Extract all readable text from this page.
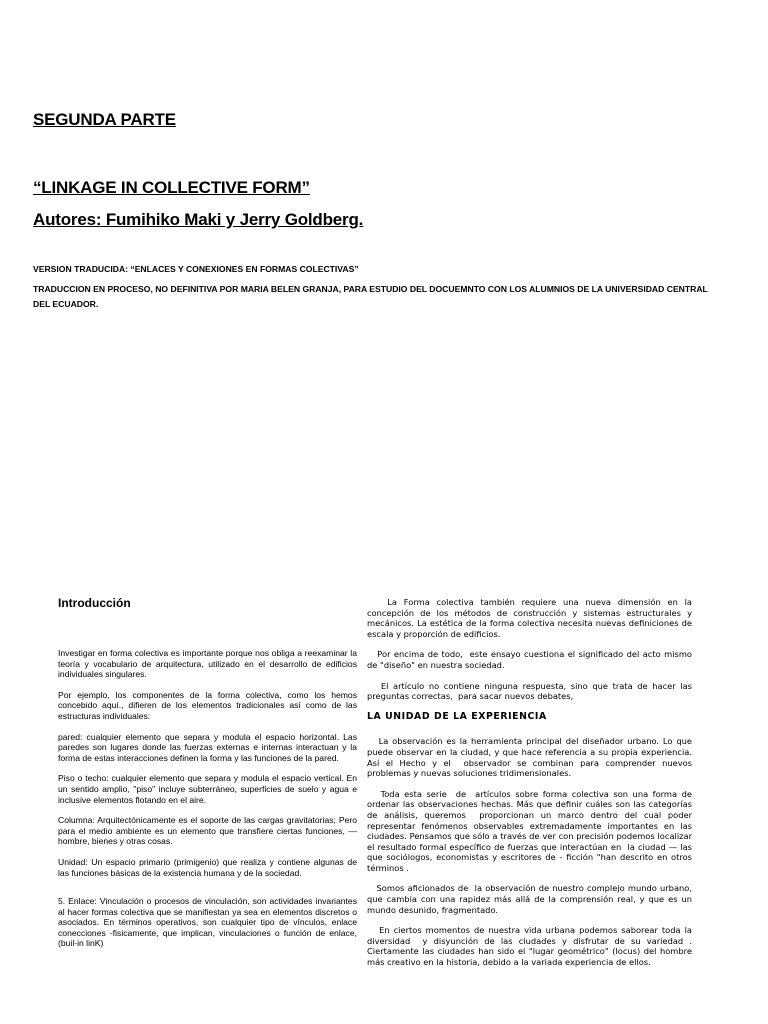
SEGUNDA PARTE
“LINKAGE IN COLLECTIVE FORM”
Autores: Fumihiko Maki y Jerry Goldberg.
VERSION TRADUCIDA: “ENLACES Y CONEXIONES EN FORMAS COLECTIVAS”
TRADUCCION EN PROCESO, NO DEFINITIVA POR MARIA BELEN GRANJA, PARA ESTUDIO DEL DOCUEMNTO CON LOS ALUMNIOS DE LA UNIVERSIDAD CENTRAL DEL ECUADOR.
Introducción

Investigar en forma colectiva es importante porque nos obliga a reexaminar la teoría y vocabulario de arquitectura, utilizado en el desarrollo de edificios individuales singulares.

Por ejemplo, los componentes de la forma colectiva, como los hemos concebido aquí., difieren de los elementos tradicionales así como de las estructuras individuales:

pared: cualquier elemento que separa y modula el espacio horizontal. Las paredes son lugares donde las fuerzas externas e internas interactuan y la forma de estas interacciones definen la forma y las funciones de la pared.

Piso o techo: cualquier elemento que separa y modula el espacio vertical. En un sentido amplio, "piso" incluye subterráneo, superficies de suelo y agua e inclusive elementos flotando en el aire.

Columna: Arquitectónicamente es el soporte de las cargas gravitatorias; Pero para el medio ambiente es un elemento que transfiere ciertas funciones, — hombre, bienes y otras cosas.

Unidad: Un espacio primario (primigenio) que realiza y contiene algunas de las funciones básicas de la existencia humana y de la sociedad.

5. Enlace: Vinculación o procesos de vinculación, son actividades invariantes al hacer formas colectiva que se manifiestan ya sea en elementos discretos o asociados. En términos operativos, son cualquier tipo de vínculos, enlace conecciones -fisicamente, que implican, vinculaciones o función de enlace, (buil-in linK)

La Forma colectiva también requiere una nueva dimensión en la concepción de los métodos de construcción y sistemas estructurales y mecánicos. La estética de la forma colectiva necesita nuevas definiciones de escala y proporción de edificios.

Por encima de todo,  este ensayo cuestiona el significado del acto mismo de "diseño" en nuestra sociedad.

El artículo no contiene ninguna respuesta, sino que trata de hacer las preguntas correctas,  para sacar nuevos debates,

LA UNIDAD DE LA EXPERIENCIA

La observación es la herramienta principal del diseñador urbano. Lo que puede observar en la ciudad, y que hace referencia a su propia experiencia. Así el Hecho y el  observador se combinan para comprender nuevos problemas y nuevas soluciones tridimensionales.

Toda esta serie  de  artículos sobre forma colectiva son una forma de ordenar las observaciones hechas. Más que definir cuáles son las categorías de análisis, queremos  proporcionan un marco dentro del cual poder  representar fenómenos observables extremadamente importantes en las ciudades. Pensamos que sólo a través de ver con precisión podemos localizar el resultado formal específico de fuerzas que interactúan en  la ciudad — las que sociólogos, economistas y escritores de - ficción "han descrito en otros términos .

Somos aficionados de  la observación de nuestro complejo mundo urbano, que cambia con una rapidez más allá de la comprensión real, y que es un mundo desunido, fragmentado.

En ciertos momentos de nuestra vida urbana podemos saborear toda la diversidad  y disyunción de las ciudades y disfrutar de su variedad . Ciertamente las ciudades han sido el "lugar geométrico" (locus) del hombre más creativo en la historia, debido a la variada experiencia de ellos.
